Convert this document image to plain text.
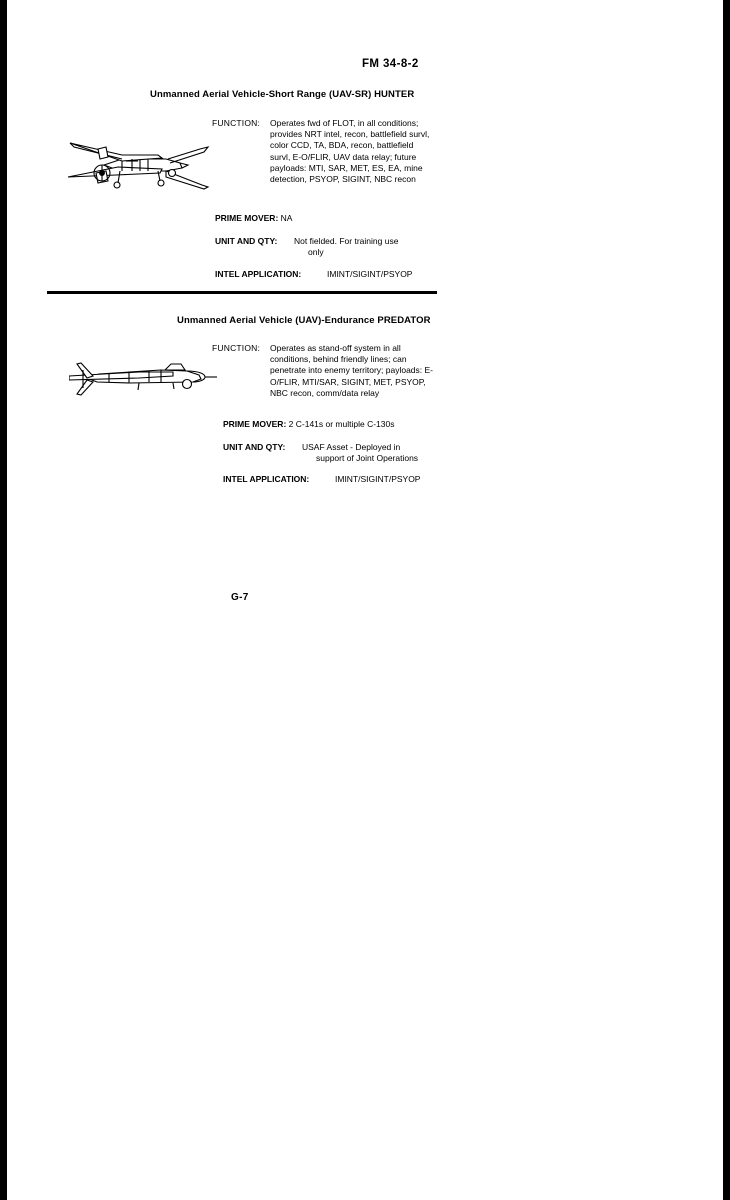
FM 34-8-2
Unmanned Aerial Vehicle-Short Range (UAV-SR) HUNTER
FUNCTION: Operates fwd of FLOT, in all conditions; provides NRT intel, recon, battlefield survl, color CCD, TA, BDA, recon, battlefield survl, E-O/FLIR, UAV data relay; future payloads: MTI, SAR, MET, ES, EA, mine detection, PSYOP, SIGINT, NBC recon
PRIME MOVER: NA
UNIT AND QTY: Not fielded. For training use
only
INTEL APPLICATION:	IMINT/SIGINT/PSYOP
Unmanned Aerial Vehicle (UAV)-Endurance PREDATOR
FUNCTION: Operates as stand-off system in all conditions, behind friendly lines; can penetrate into enemy territory; payloads: E-O/FLIR, MTI/SAR, SIGINT, MET, PSYOP, NBC recon, comm/data relay
PRIME MOVER: 2 C-141s or multiple C-130s
UNIT AND QTY: USAF Asset - Deployed in
support of Joint Operations
INTEL APPLICATION:	IMINT/SIGINT/PSYOP
G-7
